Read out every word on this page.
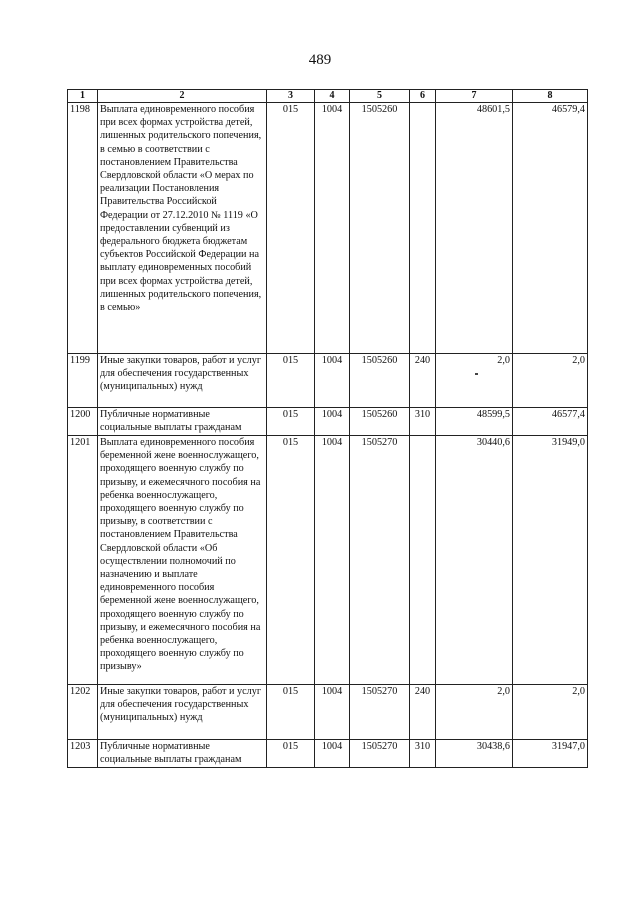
489
1	2	3	4	5	6	7	8
1198	Выплата единовременного пособия при всех формах устройства детей, лишенных родительского попечения, в семью в соответствии с постановлением Правительства Свердловской области «О мерах по реализации Постановления Правительства Российской Федерации от 27.12.2010 № 1119 «О предоставлении субвенций из федерального бюджета бюджетам субъектов Российской Федерации на выплату единовременных пособий при всех формах устройства детей, лишенных родительского попечения, в семью»	015	1004	1505260		48601,5	46579,4
1199	Иные закупки товаров, работ и услуг для обеспечения государственных (муниципальных) нужд	015	1004	1505260	240	2,0	2,0
1200	Публичные нормативные социальные выплаты гражданам	015	1004	1505260	310	48599,5	46577,4
1201	Выплата единовременного пособия беременной жене военнослужащего, проходящего военную службу по призыву, и ежемесячного пособия на ребенка военнослужащего, проходящего военную службу по призыву, в соответствии с постановлением Правительства Свердловской области «Об осуществлении полномочий по назначению и выплате единовременного пособия беременной жене военнослужащего, проходящего военную службу по призыву, и ежемесячного пособия на ребенка военнослужащего, проходящего военную службу по призыву»	015	1004	1505270		30440,6	31949,0
1202	Иные закупки товаров, работ и услуг для обеспечения государственных (муниципальных) нужд	015	1004	1505270	240	2,0	2,0
1203	Публичные нормативные социальные выплаты гражданам	015	1004	1505270	310	30438,6	31947,0
